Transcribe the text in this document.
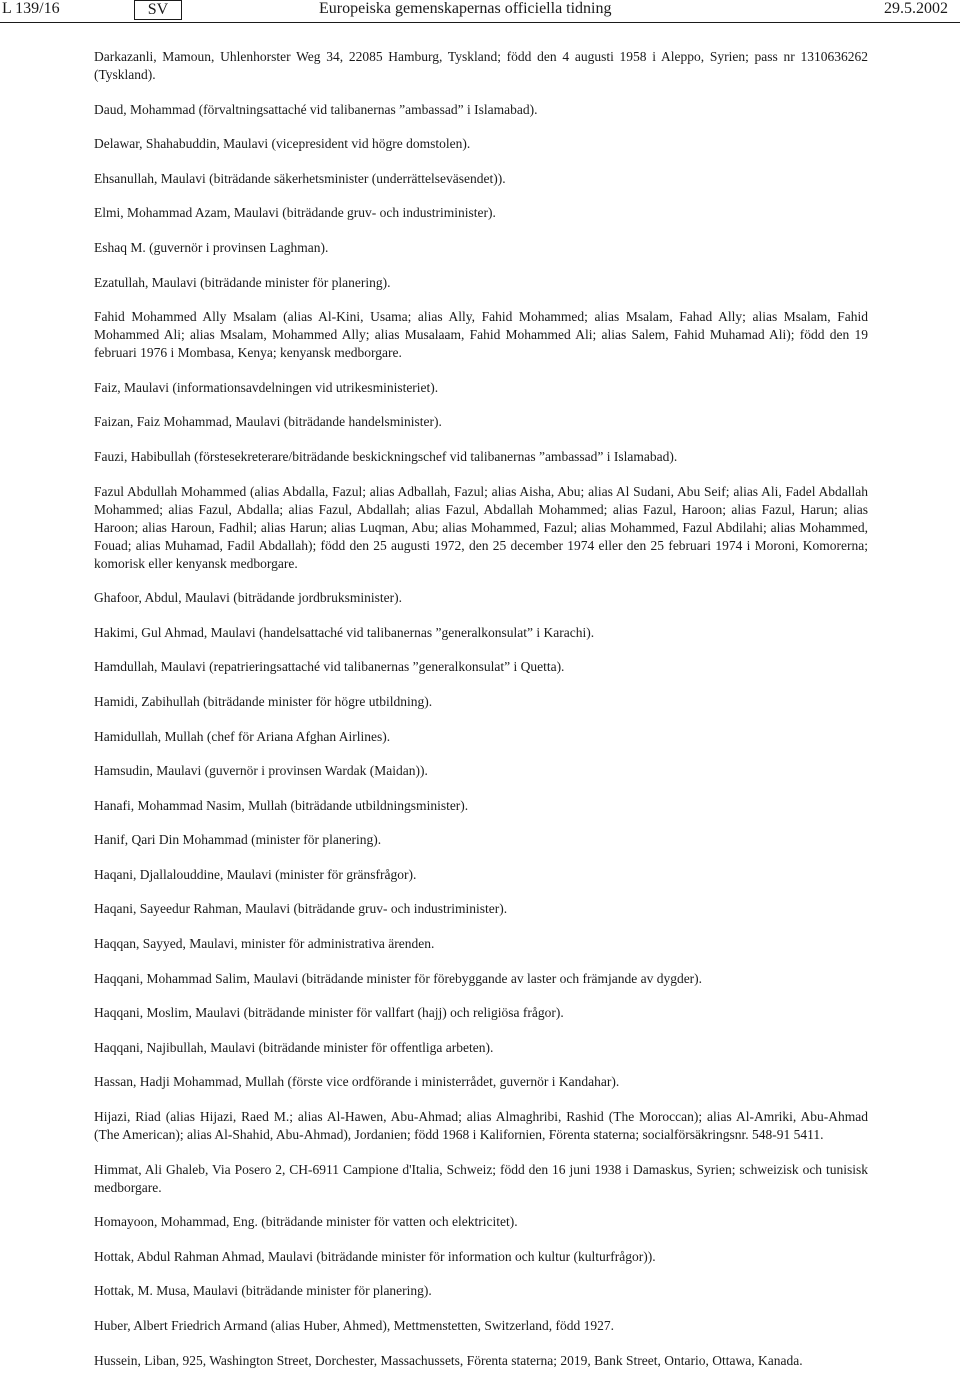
L 139/16	SV	Europeiska gemenskapernas officiella tidning	29.5.2002
Darkazanli, Mamoun, Uhlenhorster Weg 34, 22085 Hamburg, Tyskland; född den 4 augusti 1958 i Aleppo, Syrien; pass nr 1310636262 (Tyskland).
Daud, Mohammad (förvaltningsattaché vid talibanernas ”ambassad” i Islamabad).
Delawar, Shahabuddin, Maulavi (vicepresident vid högre domstolen).
Ehsanullah, Maulavi (biträdande säkerhetsminister (underrättelseväsendet)).
Elmi, Mohammad Azam, Maulavi (biträdande gruv- och industriminister).
Eshaq M. (guvernör i provinsen Laghman).
Ezatullah, Maulavi (biträdande minister för planering).
Fahid Mohammed Ally Msalam (alias Al-Kini, Usama; alias Ally, Fahid Mohammed; alias Msalam, Fahad Ally; alias Msalam, Fahid Mohammed Ali; alias Msalam, Mohammed Ally; alias Musalaam, Fahid Mohammed Ali; alias Salem, Fahid Muhamad Ali); född den 19 februari 1976 i Mombasa, Kenya; kenyansk medborgare.
Faiz, Maulavi (informationsavdelningen vid utrikesministeriet).
Faizan, Faiz Mohammad, Maulavi (biträdande handelsminister).
Fauzi, Habibullah (förstesekreterare/biträdande beskickningschef vid talibanernas ”ambassad” i Islamabad).
Fazul Abdullah Mohammed (alias Abdalla, Fazul; alias Adballah, Fazul; alias Aisha, Abu; alias Al Sudani, Abu Seif; alias Ali, Fadel Abdallah Mohammed; alias Fazul, Abdalla; alias Fazul, Abdallah; alias Fazul, Abdallah Mohammed; alias Fazul, Haroon; alias Fazul, Harun; alias Haroon; alias Haroun, Fadhil; alias Harun; alias Luqman, Abu; alias Mohammed, Fazul; alias Mohammed, Fazul Abdilahi; alias Mohammed, Fouad; alias Muhamad, Fadil Abdallah); född den 25 augusti 1972, den 25 december 1974 eller den 25 februari 1974 i Moroni, Komorerna; komorisk eller kenyansk medborgare.
Ghafoor, Abdul, Maulavi (biträdande jordbruksminister).
Hakimi, Gul Ahmad, Maulavi (handelsattaché vid talibanernas ”generalkonsulat” i Karachi).
Hamdullah, Maulavi (repatrieringsattaché vid talibanernas ”generalkonsulat” i Quetta).
Hamidi, Zabihullah (biträdande minister för högre utbildning).
Hamidullah, Mullah (chef för Ariana Afghan Airlines).
Hamsudin, Maulavi (guvernör i provinsen Wardak (Maidan)).
Hanafi, Mohammad Nasim, Mullah (biträdande utbildningsminister).
Hanif, Qari Din Mohammad (minister för planering).
Haqani, Djallalouddine, Maulavi (minister för gränsfrågor).
Haqani, Sayeedur Rahman, Maulavi (biträdande gruv- och industriminister).
Haqqan, Sayyed, Maulavi, minister för administrativa ärenden.
Haqqani, Mohammad Salim, Maulavi (biträdande minister för förebyggande av laster och främjande av dygder).
Haqqani, Moslim, Maulavi (biträdande minister för vallfart (hajj) och religiösa frågor).
Haqqani, Najibullah, Maulavi (biträdande minister för offentliga arbeten).
Hassan, Hadji Mohammad, Mullah (förste vice ordförande i ministerrådet, guvernör i Kandahar).
Hijazi, Riad (alias Hijazi, Raed M.; alias Al-Hawen, Abu-Ahmad; alias Almaghribi, Rashid (The Moroccan); alias Al-Amriki, Abu-Ahmad (The American); alias Al-Shahid, Abu-Ahmad), Jordanien; född 1968 i Kalifornien, Förenta staterna; socialförsäkringsnr. 548-91 5411.
Himmat, Ali Ghaleb, Via Posero 2, CH-6911 Campione d'Italia, Schweiz; född den 16 juni 1938 i Damaskus, Syrien; schweizisk och tunisisk medborgare.
Homayoon, Mohammad, Eng. (biträdande minister för vatten och elektricitet).
Hottak, Abdul Rahman Ahmad, Maulavi (biträdande minister för information och kultur (kulturfrågor)).
Hottak, M. Musa, Maulavi (biträdande minister för planering).
Huber, Albert Friedrich Armand (alias Huber, Ahmed), Mettmenstetten, Switzerland, född 1927.
Hussein, Liban, 925, Washington Street, Dorchester, Massachussets, Förenta staterna; 2019, Bank Street, Ontario, Ottawa, Kanada.
